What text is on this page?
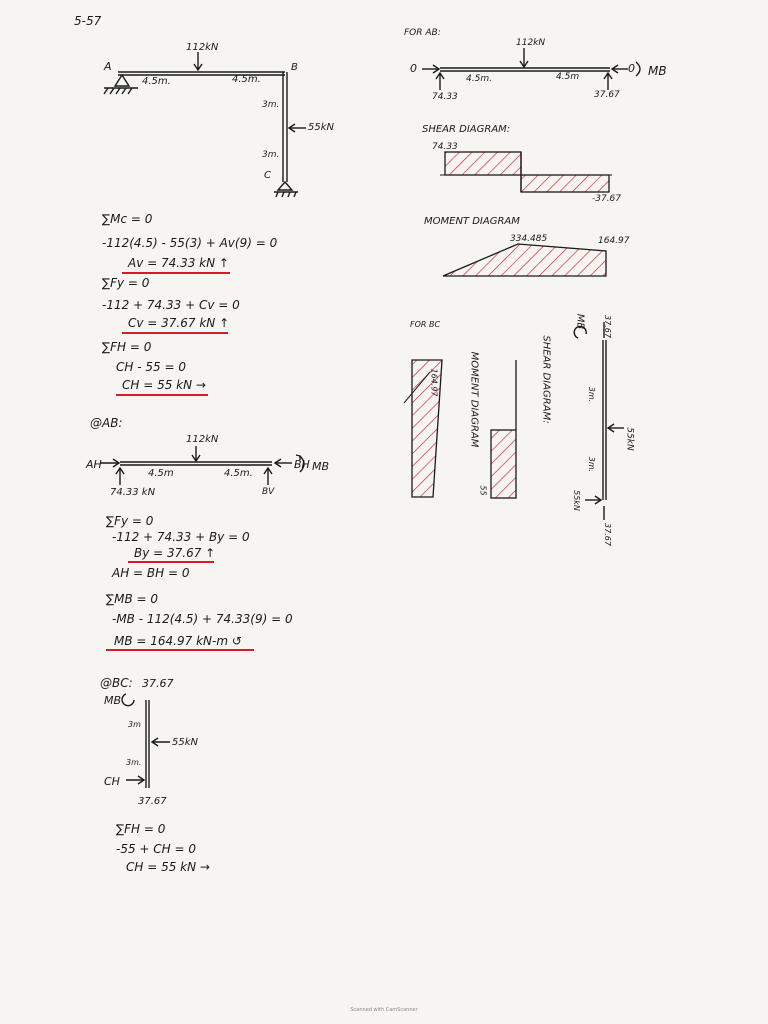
5-57
112kN
A	B
C
4.5m.	4.5m.
3m.
3m.
55kN
∑Mc = 0
-112(4.5) - 55(3) + Av(9) = 0
Av = 74.33 kN ↑
∑Fy = 0
-112 + 74.33 + Cv = 0
Cv = 37.67 kN ↑
∑FH = 0
CH - 55 = 0
CH = 55 kN →
@AB:
112kN
AH	BH MB
4.5m	4.5m.
74.33 kN	BV
∑Fy = 0
-112 + 74.33 + By = 0
By = 37.67 ↑
AH = BH = 0
∑MB = 0
-MB - 112(4.5) + 74.33(9) = 0
MB = 164.97 kN-m ↺
@BC: 37.67
MB
3m
3m.
55kN
CH
37.67
∑FH = 0
-55 + CH = 0
CH = 55 kN →
FOR AB:
112kN
0	0 MB
4.5m.	4.5m
74.33	37.67
SHEAR DIAGRAM:
74.33
-37.67
MOMENT DIAGRAM
334.485	164.97
FOR BC
164.97	MOMENT DIAGRAM
55
SHEAR DIAGRAM:
MB 37.67
3m.
3m.
55kN
55kN
37.67
Scanned with CamScanner
